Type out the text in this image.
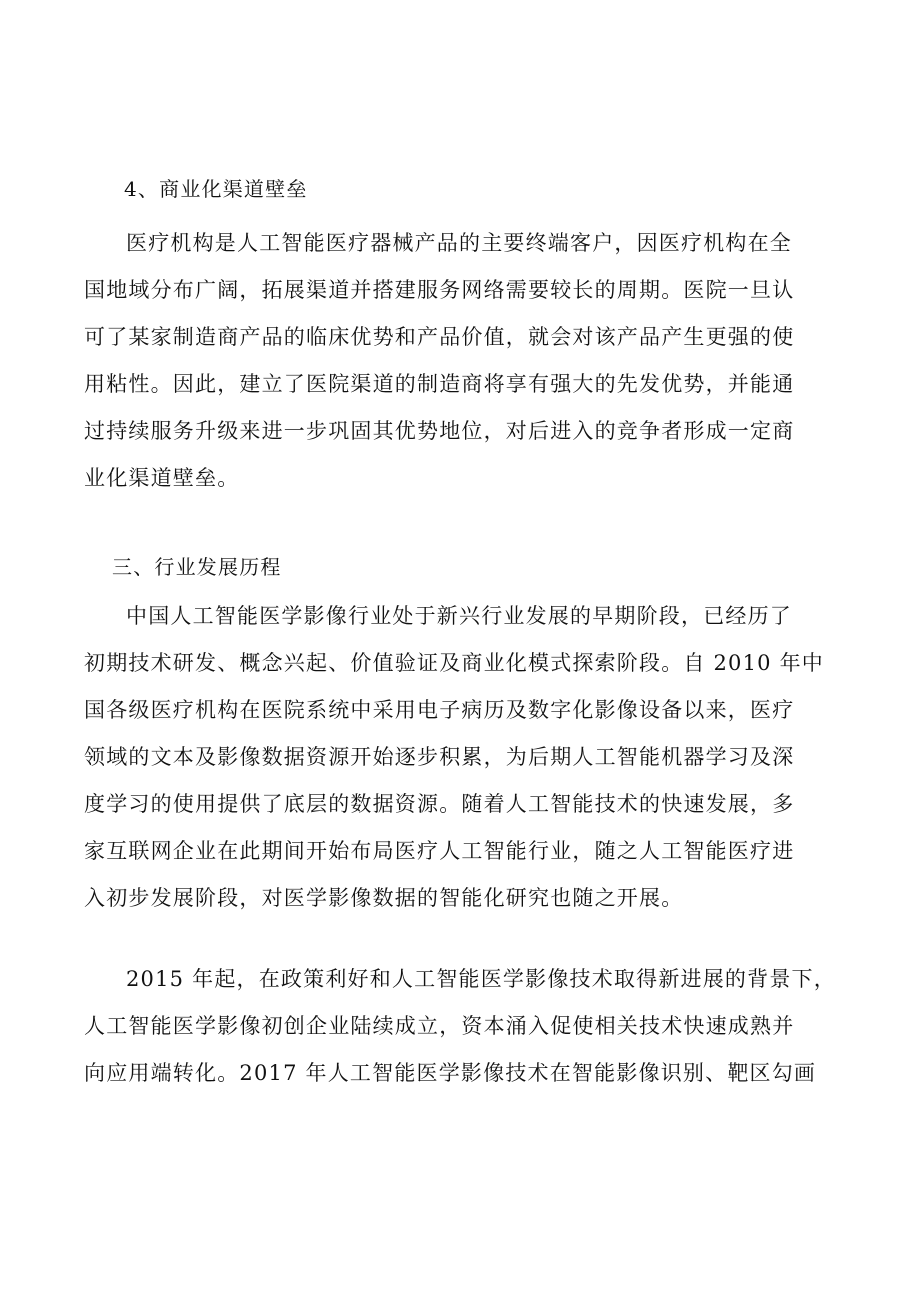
4、商业化渠道壁垒
医疗机构是人工智能医疗器械产品的主要终端客户，因医疗机构在全
国地域分布广阔，拓展渠道并搭建服务网络需要较长的周期。医院一旦认
可了某家制造商产品的临床优势和产品价值，就会对该产品产生更强的使
用粘性。因此，建立了医院渠道的制造商将享有强大的先发优势，并能通
过持续服务升级来进一步巩固其优势地位，对后进入的竞争者形成一定商
业化渠道壁垒。
三、行业发展历程
中国人工智能医学影像行业处于新兴行业发展的早期阶段，已经历了
初期技术研发、概念兴起、价值验证及商业化模式探索阶段。自 2010 年中
国各级医疗机构在医院系统中采用电子病历及数字化影像设备以来，医疗
领域的文本及影像数据资源开始逐步积累，为后期人工智能机器学习及深
度学习的使用提供了底层的数据资源。随着人工智能技术的快速发展，多
家互联网企业在此期间开始布局医疗人工智能行业，随之人工智能医疗进
入初步发展阶段，对医学影像数据的智能化研究也随之开展。
2015 年起，在政策利好和人工智能医学影像技术取得新进展的背景下，
人工智能医学影像初创企业陆续成立，资本涌入促使相关技术快速成熟并
向应用端转化。2017 年人工智能医学影像技术在智能影像识别、靶区勾画
